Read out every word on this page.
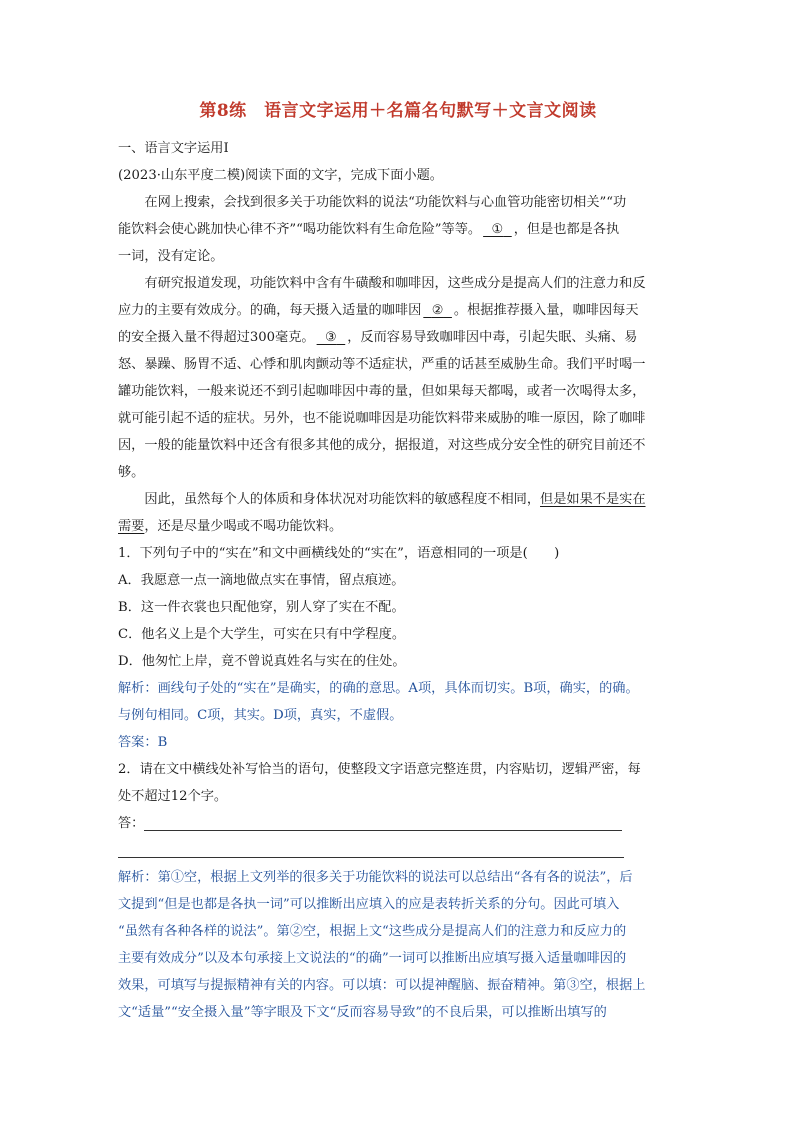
第8练　语言文字运用＋名篇名句默写＋文言文阅读

一、语言文字运用Ⅰ

(2023·山东平度二模)阅读下面的文字，完成下面小题。

在网上搜索，会找到很多关于功能饮料的说法“功能饮料与心血管功能密切相关”“功

能饮料会使心跳加快心律不齐”“喝功能饮料有生命危险”等等。 ① ，但是也都是各执

一词，没有定论。

有研究报道发现，功能饮料中含有牛磺酸和咖啡因，这些成分是提高人们的注意力和反

应力的主要有效成分。的确，每天摄入适量的咖啡因 ② 。根据推荐摄入量，咖啡因每天

的安全摄入量不得超过300毫克。 ③ ，反而容易导致咖啡因中毒，引起失眠、头痛、易

怒、暴躁、肠胃不适、心悸和肌肉颤动等不适症状，严重的话甚至威胁生命。我们平时喝一

罐功能饮料，一般来说还不到引起咖啡因中毒的量，但如果每天都喝，或者一次喝得太多，

就可能引起不适的症状。另外，也不能说咖啡因是功能饮料带来威胁的唯一原因，除了咖啡

因，一般的能量饮料中还含有很多其他的成分，据报道，对这些成分安全性的研究目前还不

够。

因此，虽然每个人的体质和身体状况对功能饮料的敏感程度不相同，但是如果不是实在

需要，还是尽量少喝或不喝功能饮料。

1．下列句子中的“实在”和文中画横线处的“实在”，语意相同的一项是(　　)

A．我愿意一点一滴地做点实在事情，留点痕迹。

B．这一件衣裳也只配他穿，别人穿了实在不配。

C．他名义上是个大学生，可实在只有中学程度。

D．他匆忙上岸，竟不曾说真姓名与实在的住处。

解析：画线句子处的“实在”是确实，的确的意思。A项，具体而切实。B项，确实，的确。

与例句相同。C项，其实。D项，真实，不虚假。

答案：B

2．请在文中横线处补写恰当的语句，使整段文字语意完整连贯，内容贴切，逻辑严密，每

处不超过12个字。

答：

解析：第①空，根据上文列举的很多关于功能饮料的说法可以总结出“各有各的说法”，后

文提到“但是也都是各执一词”可以推断出应填入的应是表转折关系的分句。因此可填入

“虽然有各种各样的说法”。第②空，根据上文“这些成分是提高人们的注意力和反应力的

主要有效成分”以及本句承接上文说法的“的确”一词可以推断出应填写摄入适量咖啡因的

效果，可填写与提振精神有关的内容。可以填：可以提神醒脑、振奋精神。第③空，根据上

文“适量”“安全摄入量”等字眼及下文“反而容易导致”的不良后果，可以推断出填写的
